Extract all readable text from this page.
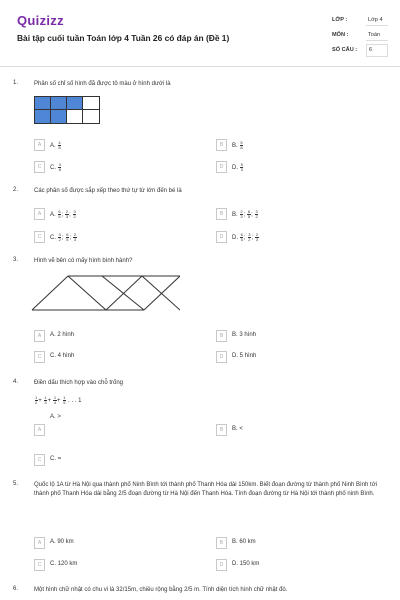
Quizizz
Bài tập cuối tuần Toán lớp 4 Tuần 26 có đáp án (Đề 1)
LỚP :	Lớp 4
MÔN :	Toán
SỐ CÂU :	6
1.	Phân số chỉ số hình đã được tô màu ở hình dưới là
A	A. $\frac{4}{8}$	B	B. $\frac{5}{8}$
C	C. $\frac{3}{8}$	D	D. $\frac{5}{3}$
2.	Các phân số được sắp xếp theo thứ tự từ lớn đến bé là
A	A. $\frac{6}{5}$ ; $\frac{2}{3}$ ; $\frac{3}{2}$	B	B. $\frac{2}{3}$ ; $\frac{6}{5}$ ; $\frac{3}{2}$
C	C. $\frac{3}{2}$ ; $\frac{6}{5}$ ; $\frac{2}{3}$	D	D. $\frac{6}{5}$ ; $\frac{3}{2}$ ; $\frac{2}{3}$
3.	Hình vẽ bên có mấy hình bình hành?
A	A. 2 hình	B	B. 3 hình
C	C. 4 hình	D	D. 5 hình
4.	Điền dấu thích hợp vào chỗ trống
$\frac{1}{2} + \frac{1}{3} + \frac{1}{4} + \frac{1}{5}$ . . . 1
A
A. >
B	B. <
C	C. =
5.	Quốc lộ 1A từ Hà Nội qua thành phố Ninh Bình tới thành phố Thanh Hóa dài 150km. Biết đoạn đường từ thành phố Ninh Bình tới thành phố Thanh Hóa dài bằng 2/5 đoạn đường từ Hà Nội đến Thanh Hóa. Tính đoạn đường từ Hà Nội tới thành phố ninh Bình.
A	A. 90 km	B	B. 60 km
C	C. 120 km	D	D. 150 km
6.	Một hình chữ nhật có chu vi là 32/15m, chiều rộng bằng 2/5 m. Tính diện tích hình chữ nhật đó.
